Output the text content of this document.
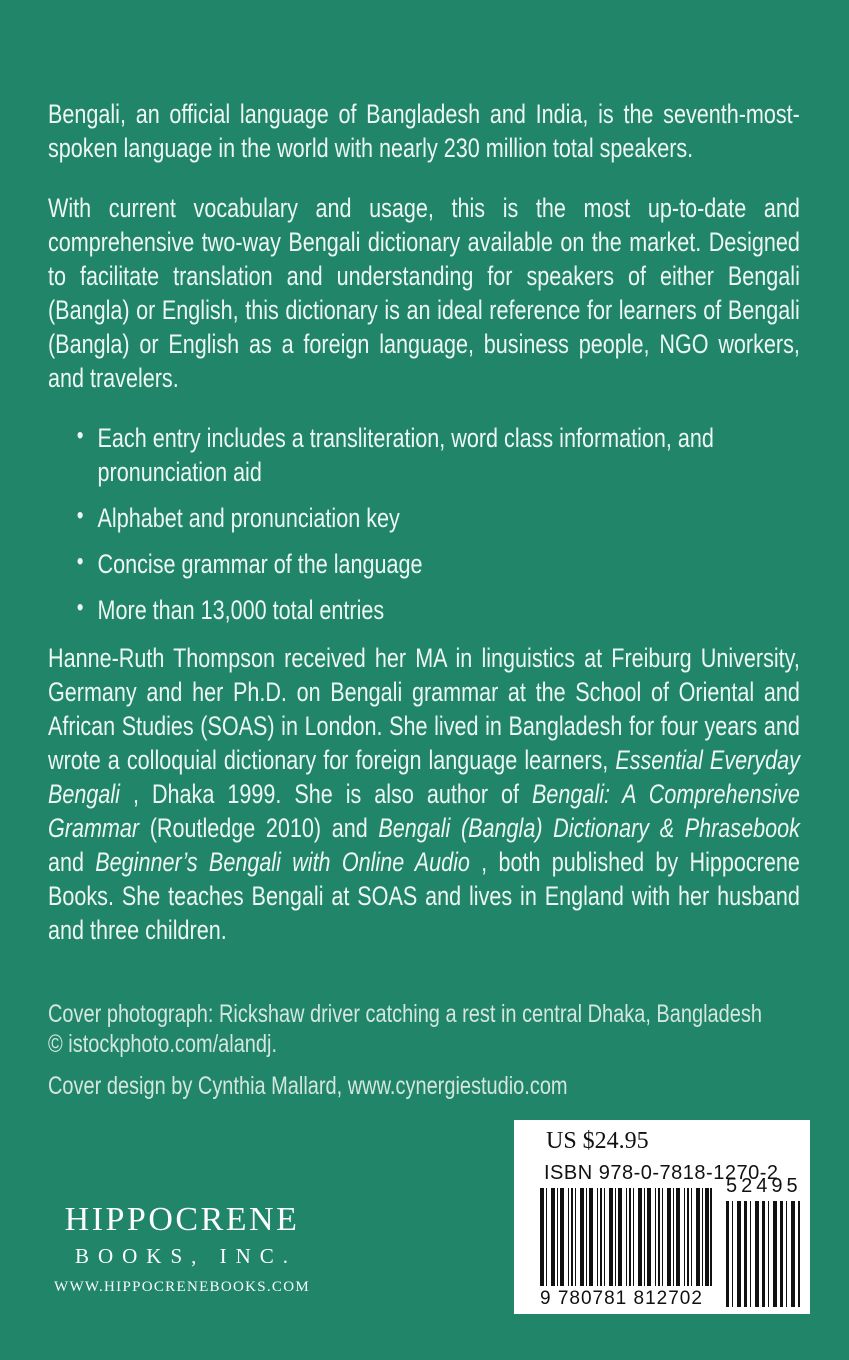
Bengali, an official language of Bangladesh and India, is the seventh-most-spoken language in the world with nearly 230 million total speakers.

With current vocabulary and usage, this is the most up-to-date and comprehensive two-way Bengali dictionary available on the market. Designed to facilitate translation and understanding for speakers of either Bengali (Bangla) or English, this dictionary is an ideal reference for learners of Bengali (Bangla) or English as a foreign language, business people, NGO workers, and travelers.

• Each entry includes a transliteration, word class information, and pronunciation aid
• Alphabet and pronunciation key
• Concise grammar of the language
• More than 13,000 total entries

Hanne-Ruth Thompson received her MA in linguistics at Freiburg University, Germany and her Ph.D. on Bengali grammar at the School of Oriental and African Studies (SOAS) in London. She lived in Bangladesh for four years and wrote a colloquial dictionary for foreign language learners, Essential Everyday Bengali , Dhaka 1999. She is also author of Bengali: A Comprehensive Grammar (Routledge 2010) and Bengali (Bangla) Dictionary & Phrasebook and Beginner’s Bengali with Online Audio , both published by Hippocrene Books. She teaches Bengali at SOAS and lives in England with her husband and three children.

Cover photograph: Rickshaw driver catching a rest in central Dhaka, Bangladesh
© istockphoto.com/alandj.
Cover design by Cynthia Mallard, www.cynergiestudio.com
HIPPOCRENE
BOOKS, INC.
WWW.HIPPOCRENEBOOKS.COM
US $24.95
ISBN 978-0-7818-1270-2
9 780781 812702
52495
